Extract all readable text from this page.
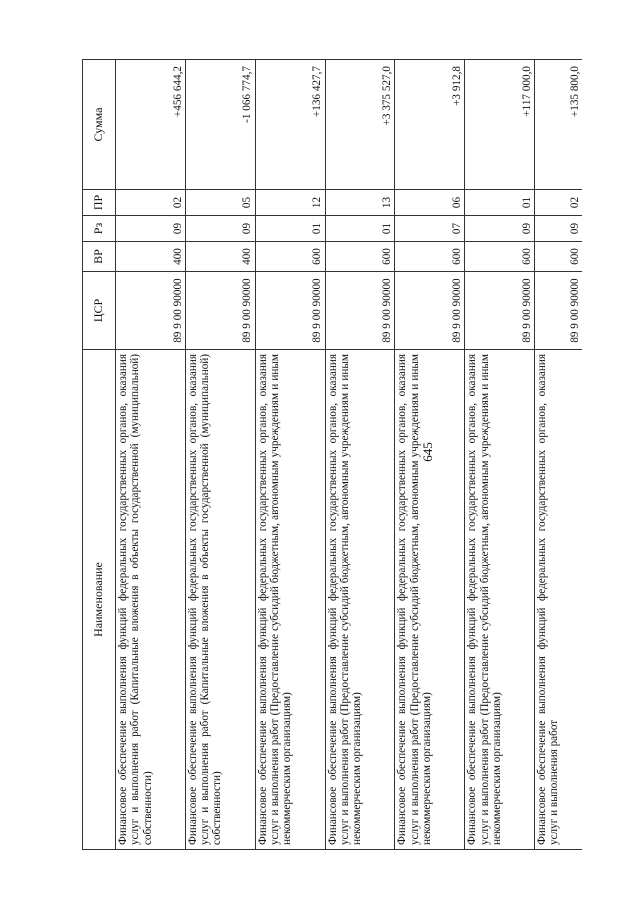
645
Наименование	ЦСР	ВР	Рз	ПР	Сумма
Финансовое обеспечение выполнения функций федеральных государственных органов, оказания услуг и выполнения работ (Капитальные вложения в объекты государственной (муниципальной) собственности)	89 9 00 90000	400	09	02	+456 644,2
Финансовое обеспечение выполнения функций федеральных государственных органов, оказания услуг и выполнения работ (Капитальные вложения в объекты государственной (муниципальной) собственности)	89 9 00 90000	400	09	05	-1 066 774,7
Финансовое обеспечение выполнения функций федеральных государственных органов, оказания услуг и выполнения работ (Предоставление субсидий бюджетным, автономным учреждениям и иным некоммерческим организациям)	89 9 00 90000	600	01	12	+136 427,7
Финансовое обеспечение выполнения функций федеральных государственных органов, оказания услуг и выполнения работ (Предоставление субсидий бюджетным, автономным учреждениям и иным некоммерческим организациям)	89 9 00 90000	600	01	13	+3 375 527,0
Финансовое обеспечение выполнения функций федеральных государственных органов, оказания услуг и выполнения работ (Предоставление субсидий бюджетным, автономным учреждениям и иным некоммерческим организациям)	89 9 00 90000	600	07	06	+3 912,8
Финансовое обеспечение выполнения функций федеральных государственных органов, оказания услуг и выполнения работ (Предоставление субсидий бюджетным, автономным учреждениям и иным некоммерческим организациям)	89 9 00 90000	600	09	01	+117 000,0
Финансовое обеспечение выполнения функций федеральных государственных органов, оказания услуг и выполнения работ	89 9 00 90000	600	09	02	+135 800,0
